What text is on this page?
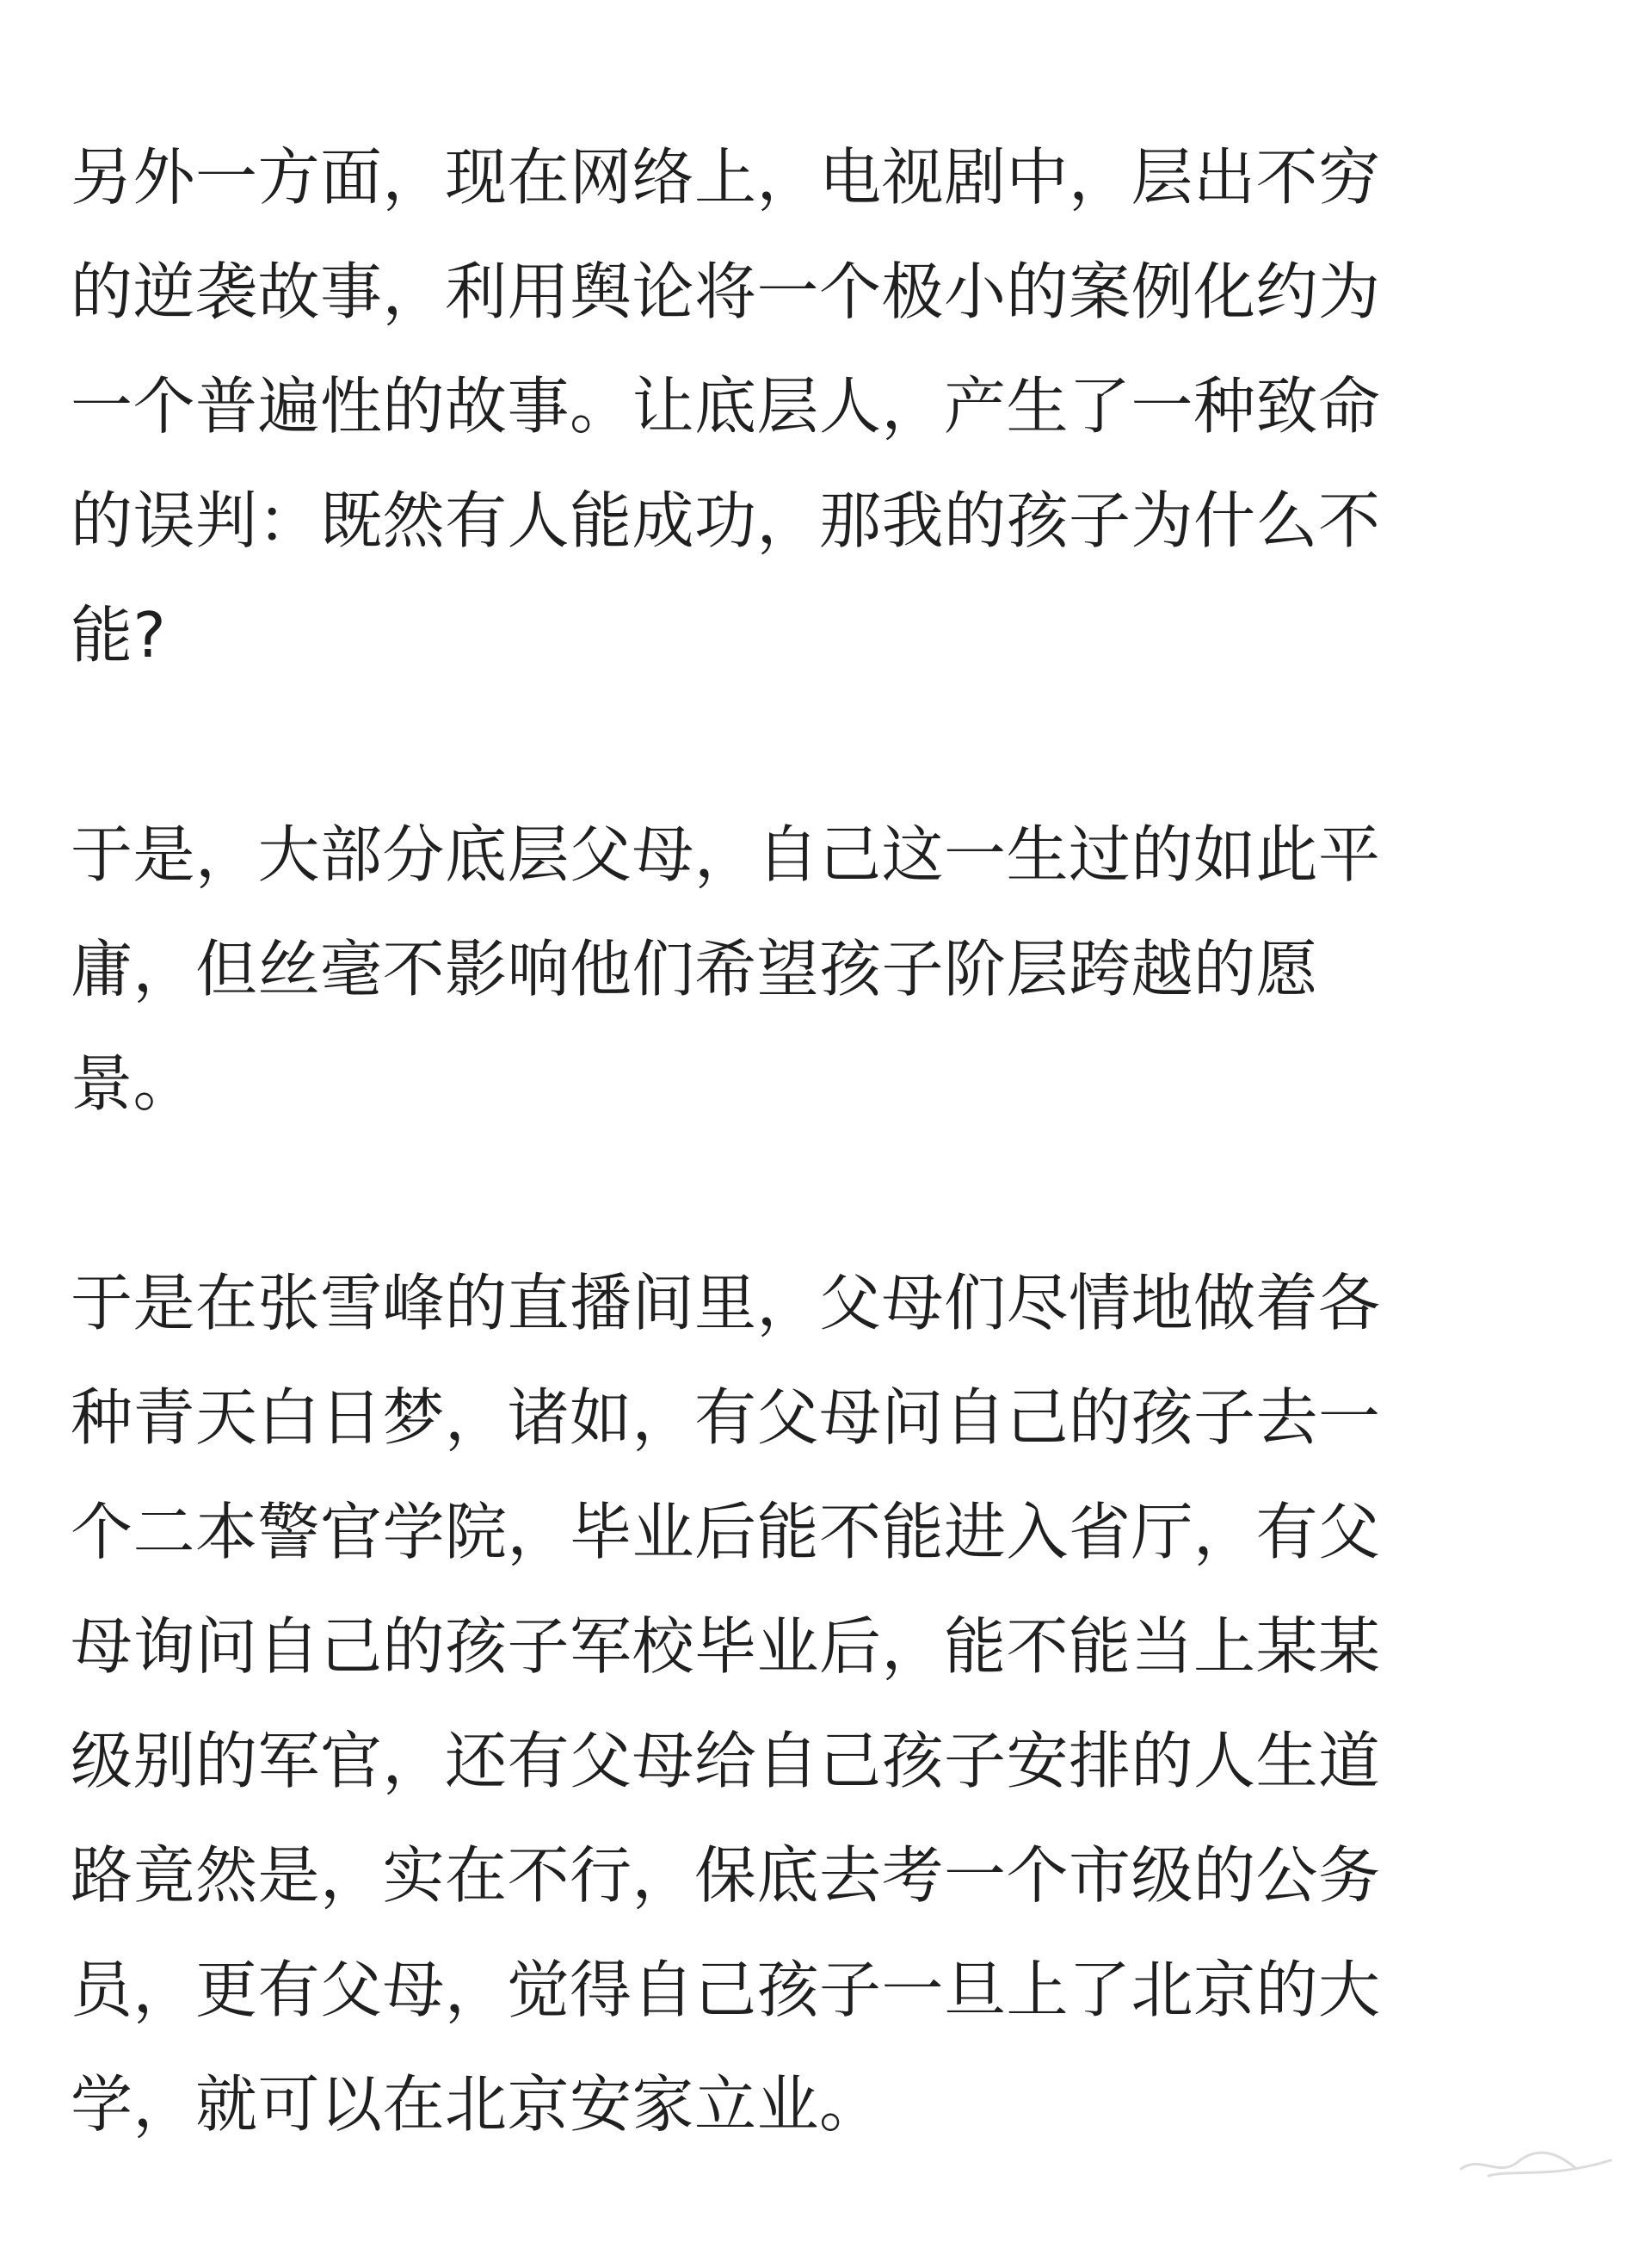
另外一方面，现在网络上，电视剧中，层出不穷
的逆袭故事，利用舆论将一个极小的案例化约为
一个普遍性的故事。让底层人，产生了一种致命
的误判：既然有人能成功，那我的孩子为什么不
能?

于是，大部分底层父母，自己这一生过的如此平
庸，但丝毫不影响他们希望孩子阶层跨越的愿
景。

于是在张雪峰的直播间里，父母们尽情地做着各
种青天白日梦，诸如，有父母问自己的孩子去一
个二本警官学院，毕业后能不能进入省厅，有父
母询问自己的孩子军校毕业后，能不能当上某某
级别的军官，还有父母给自己孩子安排的人生道
路竟然是，实在不行，保底去考一个市级的公务
员，更有父母，觉得自己孩子一旦上了北京的大
学，就可以在北京安家立业。
